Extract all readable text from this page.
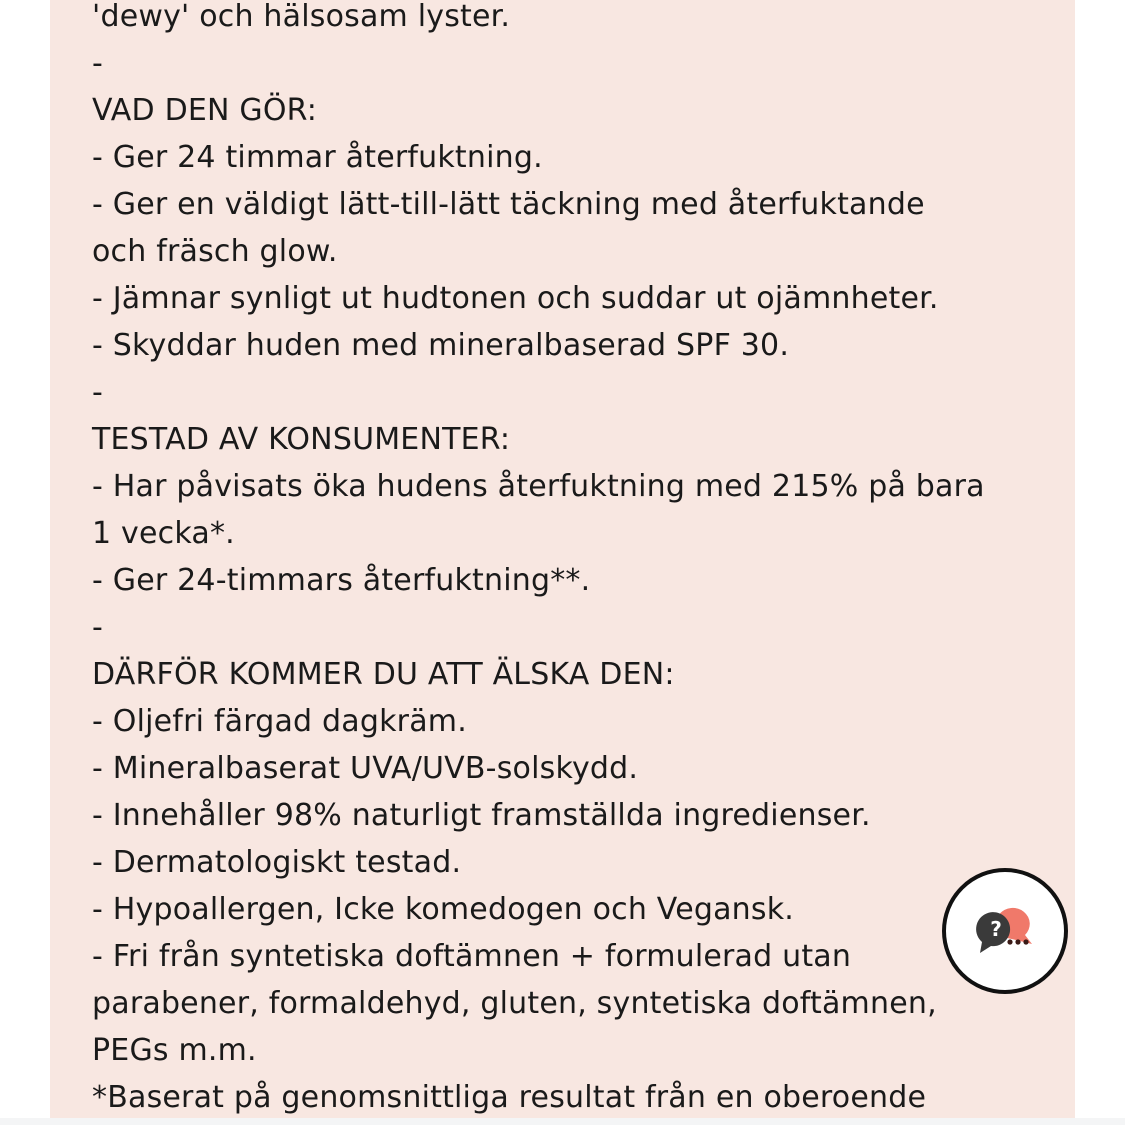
'dewy' och hälsosam lyster.
-
VAD DEN GÖR:
- Ger 24 timmar återfuktning.
- Ger en väldigt lätt-till-lätt täckning med återfuktande
och fräsch glow.
- Jämnar synligt ut hudtonen och suddar ut ojämnheter.
- Skyddar huden med mineralbaserad SPF 30.
-
TESTAD AV KONSUMENTER:
- Har påvisats öka hudens återfuktning med 215% på bara
1 vecka*.
- Ger 24-timmars återfuktning**.
-
DÄRFÖR KOMMER DU ATT ÄLSKA DEN:
- Oljefri färgad dagkräm.
- Mineralbaserat UVA/UVB-solskydd.
- Innehåller 98% naturligt framställda ingredienser.
- Dermatologiskt testad.
- Hypoallergen, Icke komedogen och Vegansk.
- Fri från syntetiska doftämnen + formulerad utan
parabener, formaldehyd, gluten, syntetiska doftämnen,
PEGs m.m.
*Baserat på genomsnittliga resultat från en oberoende
?
